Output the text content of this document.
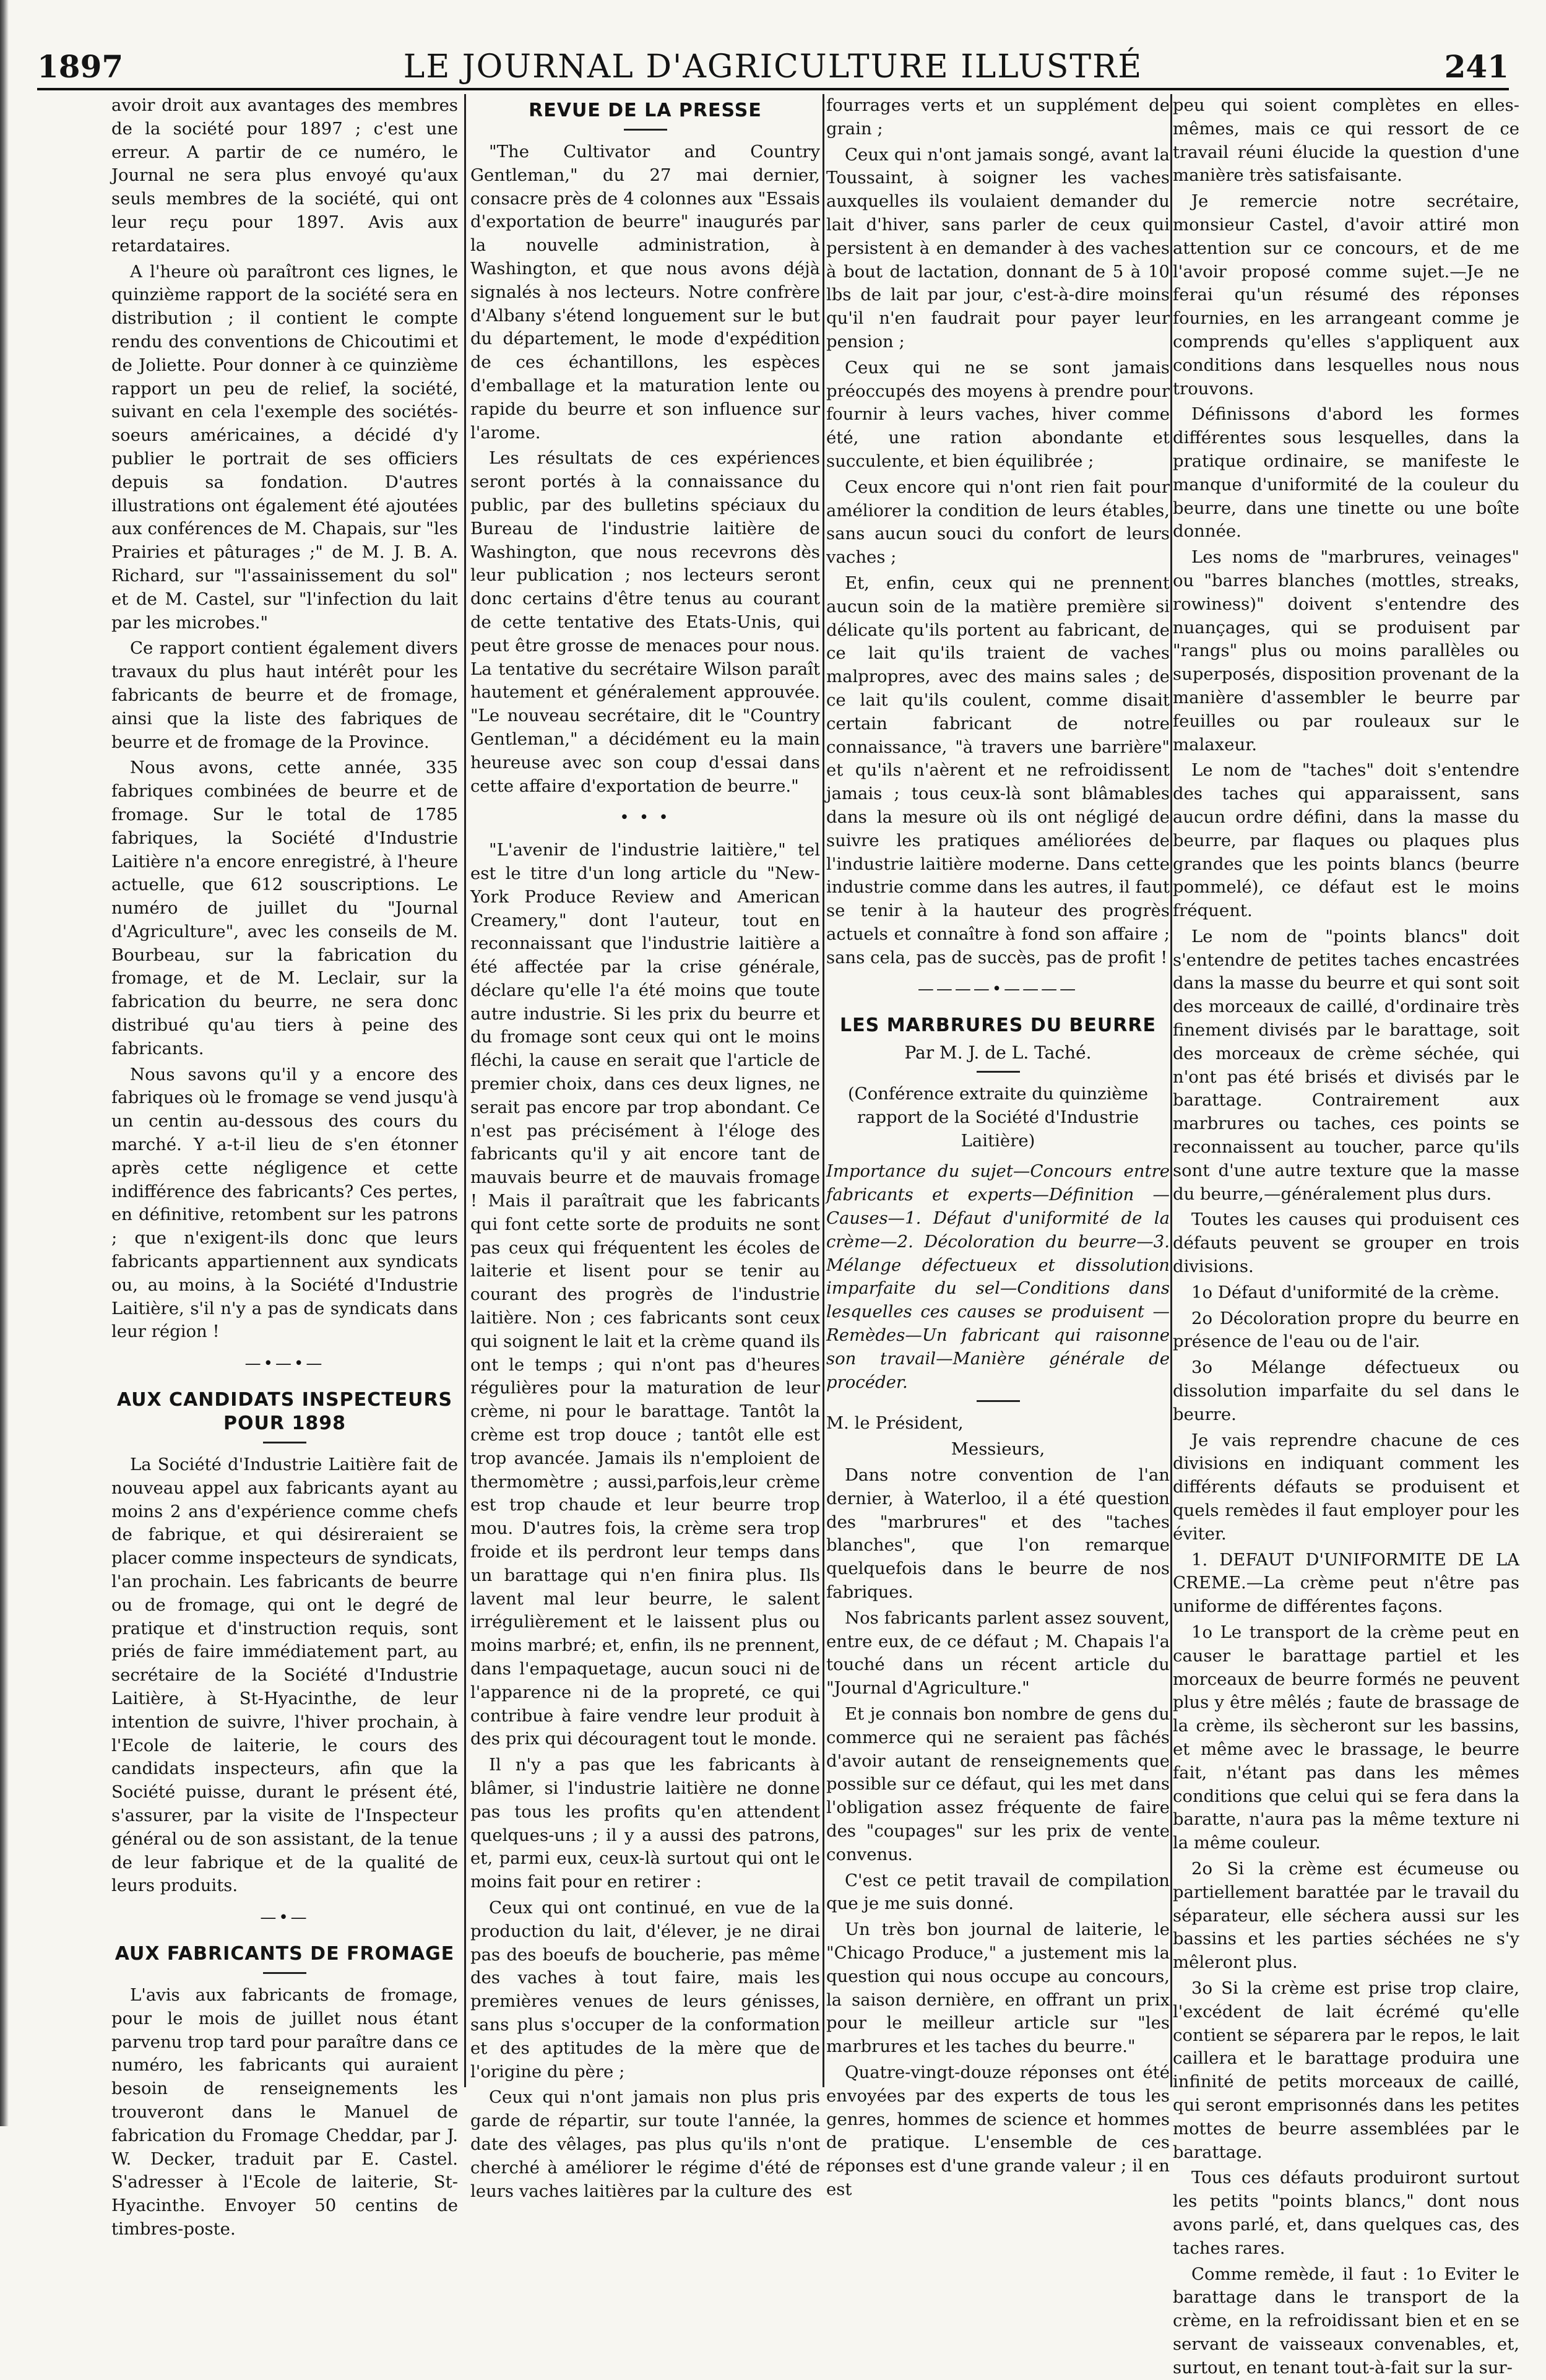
1897	LE JOURNAL D'AGRICULTURE ILLUSTRÉ	241

avoir droit aux avantages des membres de la société pour 1897 ; c'est une erreur. A partir de ce numéro, le Journal ne sera plus envoyé qu'aux seuls membres de la société, qui ont leur reçu pour 1897. Avis aux retardataires.

A l'heure où paraîtront ces lignes, le quinzième rapport de la société sera en distribution ; il contient le compte rendu des conventions de Chicoutimi et de Joliette. Pour donner à ce quinzième rapport un peu de relief, la société, suivant en cela l'exemple des sociétés-soeurs américaines, a décidé d'y publier le portrait de ses officiers depuis sa fondation. D'autres illustrations ont également été ajoutées aux conférences de M. Chapais, sur "les Prairies et pâturages ;" de M. J. B. A. Richard, sur "l'assainissement du sol" et de M. Castel, sur "l'infection du lait par les microbes."

Ce rapport contient également divers travaux du plus haut intérêt pour les fabricants de beurre et de fromage, ainsi que la liste des fabriques de beurre et de fromage de la Province.

Nous avons, cette année, 335 fabriques combinées de beurre et de fromage. Sur le total de 1785 fabriques, la Société d'Industrie Laitière n'a encore enregistré, à l'heure actuelle, que 612 souscriptions. Le numéro de juillet du "Journal d'Agriculture", avec les conseils de M. Bourbeau, sur la fabrication du fromage, et de M. Leclair, sur la fabrication du beurre, ne sera donc distribué qu'au tiers à peine des fabricants.

Nous savons qu'il y a encore des fabriques où le fromage se vend jusqu'à un centin au-dessous des cours du marché. Y a-t-il lieu de s'en étonner après cette négligence et cette indifférence des fabricants? Ces pertes, en définitive, retombent sur les patrons ; que n'exigent-ils donc que leurs fabricants appartiennent aux syndicats ou, au moins, à la Société d'Industrie Laitière, s'il n'y a pas de syndicats dans leur région !

—•—•—
AUX CANDIDATS INSPECTEURS POUR 1898

La Société d'Industrie Laitière fait de nouveau appel aux fabricants ayant au moins 2 ans d'expérience comme chefs de fabrique, et qui désireraient se placer comme inspecteurs de syndicats, l'an prochain. Les fabricants de beurre ou de fromage, qui ont le degré de pratique et d'instruction requis, sont priés de faire immédiatement part, au secrétaire de la Société d'Industrie Laitière, à St-Hyacinthe, de leur intention de suivre, l'hiver prochain, à l'Ecole de laiterie, le cours des candidats inspecteurs, afin que la Société puisse, durant le présent été, s'assurer, par la visite de l'Inspecteur général ou de son assistant, de la tenue de leur fabrique et de la qualité de leurs produits.

—•—
AUX FABRICANTS DE FROMAGE

L'avis aux fabricants de fromage, pour le mois de juillet nous étant parvenu trop tard pour paraître dans ce numéro, les fabricants qui auraient besoin de renseignements les trouveront dans le Manuel de fabrication du Fromage Cheddar, par J. W. Decker, traduit par E. Castel. S'adresser à l'Ecole de laiterie, St-Hyacinthe. Envoyer 50 centins de timbres-poste.

REVUE DE LA PRESSE

"The Cultivator and Country Gentleman," du 27 mai dernier, consacre près de 4 colonnes aux "Essais d'exportation de beurre" inaugurés par la nouvelle administration, à Washington, et que nous avons déjà signalés à nos lecteurs. Notre confrère d'Albany s'étend longuement sur le but du département, le mode d'expédition de ces échantillons, les espèces d'emballage et la maturation lente ou rapide du beurre et son influence sur l'arome.

Les résultats de ces expériences seront portés à la connaissance du public, par des bulletins spéciaux du Bureau de l'industrie laitière de Washington, que nous recevrons dès leur publication ; nos lecteurs seront donc certains d'être tenus au courant de cette tentative des Etats-Unis, qui peut être grosse de menaces pour nous. La tentative du secrétaire Wilson paraît hautement et généralement approuvée. "Le nouveau secrétaire, dit le "Country Gentleman," a décidément eu la main heureuse avec son coup d'essai dans cette affaire d'exportation de beurre."

• • •

"L'avenir de l'industrie laitière," tel est le titre d'un long article du "New-York Produce Review and American Creamery," dont l'auteur, tout en reconnaissant que l'industrie laitière a été affectée par la crise générale, déclare qu'elle l'a été moins que toute autre industrie. Si les prix du beurre et du fromage sont ceux qui ont le moins fléchi, la cause en serait que l'article de premier choix, dans ces deux lignes, ne serait pas encore par trop abondant. Ce n'est pas précisément à l'éloge des fabricants qu'il y ait encore tant de mauvais beurre et de mauvais fromage ! Mais il paraîtrait que les fabricants qui font cette sorte de produits ne sont pas ceux qui fréquentent les écoles de laiterie et lisent pour se tenir au courant des progrès de l'industrie laitière. Non ; ces fabricants sont ceux qui soignent le lait et la crème quand ils ont le temps ; qui n'ont pas d'heures régulières pour la maturation de leur crème, ni pour le barattage. Tantôt la crème est trop douce ; tantôt elle est trop avancée. Jamais ils n'emploient de thermomètre ; aussi,parfois,leur crème est trop chaude et leur beurre trop mou. D'autres fois, la crème sera trop froide et ils perdront leur temps dans un barattage qui n'en finira plus. Ils lavent mal leur beurre, le salent irrégulièrement et le laissent plus ou moins marbré; et, enfin, ils ne prennent, dans l'empaquetage, aucun souci ni de l'apparence ni de la propreté, ce qui contribue à faire vendre leur produit à des prix qui découragent tout le monde.

Il n'y a pas que les fabricants à blâmer, si l'industrie laitière ne donne pas tous les profits qu'en attendent quelques-uns ; il y a aussi des patrons, et, parmi eux, ceux-là surtout qui ont le moins fait pour en retirer :

Ceux qui ont continué, en vue de la production du lait, d'élever, je ne dirai pas des boeufs de boucherie, pas même des vaches à tout faire, mais les premières venues de leurs génisses, sans plus s'occuper de la conformation et des aptitudes de la mère que de l'origine du père ;

Ceux qui n'ont jamais non plus pris garde de répartir, sur toute l'année, la date des vêlages, pas plus qu'ils n'ont cherché à améliorer le régime d'été de leurs vaches laitières par la culture des

fourrages verts et un supplément de grain ;

Ceux qui n'ont jamais songé, avant la Toussaint, à soigner les vaches auxquelles ils voulaient demander du lait d'hiver, sans parler de ceux qui persistent à en demander à des vaches à bout de lactation, donnant de 5 à 10 lbs de lait par jour, c'est-à-dire moins qu'il n'en faudrait pour payer leur pension ;

Ceux qui ne se sont jamais préoccupés des moyens à prendre pour fournir à leurs vaches, hiver comme été, une ration abondante et succulente, et bien équilibrée ;

Ceux encore qui n'ont rien fait pour améliorer la condition de leurs étables, sans aucun souci du confort de leurs vaches ;

Et, enfin, ceux qui ne prennent aucun soin de la matière première si délicate qu'ils portent au fabricant, de ce lait qu'ils traient de vaches malpropres, avec des mains sales ; de ce lait qu'ils coulent, comme disait certain fabricant de notre connaissance, "à travers une barrière" et qu'ils n'aèrent et ne refroidissent jamais ; tous ceux-là sont blâmables dans la mesure où ils ont négligé de suivre les pratiques améliorées de l'industrie laitière moderne. Dans cette industrie comme dans les autres, il faut se tenir à la hauteur des progrès actuels et connaître à fond son affaire ; sans cela, pas de succès, pas de profit !

————•————
LES MARBRURES DU BEURRE
Par M. J. de L. Taché.
(Conférence extraite du quinzième rapport de la Société d'Industrie Laitière)

Importance du sujet—Concours entre fabricants et experts—Définition —Causes—1. Défaut d'uniformité de la crème—2. Décoloration du beurre—3. Mélange défectueux et dissolution imparfaite du sel—Conditions dans lesquelles ces causes se produisent —Remèdes—Un fabricant qui raisonne son travail—Manière générale de procéder.

M. le Président,

Messieurs,

Dans notre convention de l'an dernier, à Waterloo, il a été question des "marbrures" et des "taches blanches", que l'on remarque quelquefois dans le beurre de nos fabriques.

Nos fabricants parlent assez souvent, entre eux, de ce défaut ; M. Chapais l'a touché dans un récent article du "Journal d'Agriculture."

Et je connais bon nombre de gens du commerce qui ne seraient pas fâchés d'avoir autant de renseignements que possible sur ce défaut, qui les met dans l'obligation assez fréquente de faire des "coupages" sur les prix de vente convenus.

C'est ce petit travail de compilation que je me suis donné.

Un très bon journal de laiterie, le "Chicago Produce," a justement mis la question qui nous occupe au concours, la saison dernière, en offrant un prix pour le meilleur article sur "les marbrures et les taches du beurre."

Quatre-vingt-douze réponses ont été envoyées par des experts de tous les genres, hommes de science et hommes de pratique. L'ensemble de ces réponses est d'une grande valeur ; il en est

peu qui soient complètes en elles-mêmes, mais ce qui ressort de ce travail réuni élucide la question d'une manière très satisfaisante.

Je remercie notre secrétaire, monsieur Castel, d'avoir attiré mon attention sur ce concours, et de me l'avoir proposé comme sujet.—Je ne ferai qu'un résumé des réponses fournies, en les arrangeant comme je comprends qu'elles s'appliquent aux conditions dans lesquelles nous nous trouvons.

Définissons d'abord les formes différentes sous lesquelles, dans la pratique ordinaire, se manifeste le manque d'uniformité de la couleur du beurre, dans une tinette ou une boîte donnée.

Les noms de "marbrures, veinages" ou "barres blanches (mottles, streaks, rowiness)" doivent s'entendre des nuançages, qui se produisent par "rangs" plus ou moins parallèles ou superposés, disposition provenant de la manière d'assembler le beurre par feuilles ou par rouleaux sur le malaxeur.

Le nom de "taches" doit s'entendre des taches qui apparaissent, sans aucun ordre défini, dans la masse du beurre, par flaques ou plaques plus grandes que les points blancs (beurre pommelé), ce défaut est le moins fréquent.

Le nom de "points blancs" doit s'entendre de petites taches encastrées dans la masse du beurre et qui sont soit des morceaux de caillé, d'ordinaire très finement divisés par le barattage, soit des morceaux de crème séchée, qui n'ont pas été brisés et divisés par le barattage. Contrairement aux marbrures ou taches, ces points se reconnaissent au toucher, parce qu'ils sont d'une autre texture que la masse du beurre,—généralement plus durs.

Toutes les causes qui produisent ces défauts peuvent se grouper en trois divisions.

1o Défaut d'uniformité de la crème.

2o Décoloration propre du beurre en présence de l'eau ou de l'air.

3o Mélange défectueux ou dissolution imparfaite du sel dans le beurre.

Je vais reprendre chacune de ces divisions en indiquant comment les différents défauts se produisent et quels remèdes il faut employer pour les éviter.

1. DEFAUT D'UNIFORMITE DE LA CREME.—La crème peut n'être pas uniforme de différentes façons.

1o Le transport de la crème peut en causer le barattage partiel et les morceaux de beurre formés ne peuvent plus y être mêlés ; faute de brassage de la crème, ils sècheront sur les bassins, et même avec le brassage, le beurre fait, n'étant pas dans les mêmes conditions que celui qui se fera dans la baratte, n'aura pas la même texture ni la même couleur.

2o Si la crème est écumeuse ou partiellement barattée par le travail du séparateur, elle séchera aussi sur les bassins et les parties séchées ne s'y mêleront plus.

3o Si la crème est prise trop claire, l'excédent de lait écrémé qu'elle contient se séparera par le repos, le lait caillera et le barattage produira une infinité de petits morceaux de caillé, qui seront emprisonnés dans les petites mottes de beurre assemblées par le barattage.

Tous ces défauts produiront surtout les petits "points blancs," dont nous avons parlé, et, dans quelques cas, des taches rares.

Comme remède, il faut : 1o Eviter le barattage dans le transport de la crème, en la refroidissant bien et en se servant de vaisseaux convenables, et, surtout, en tenant tout-à-fait sur la sur-
